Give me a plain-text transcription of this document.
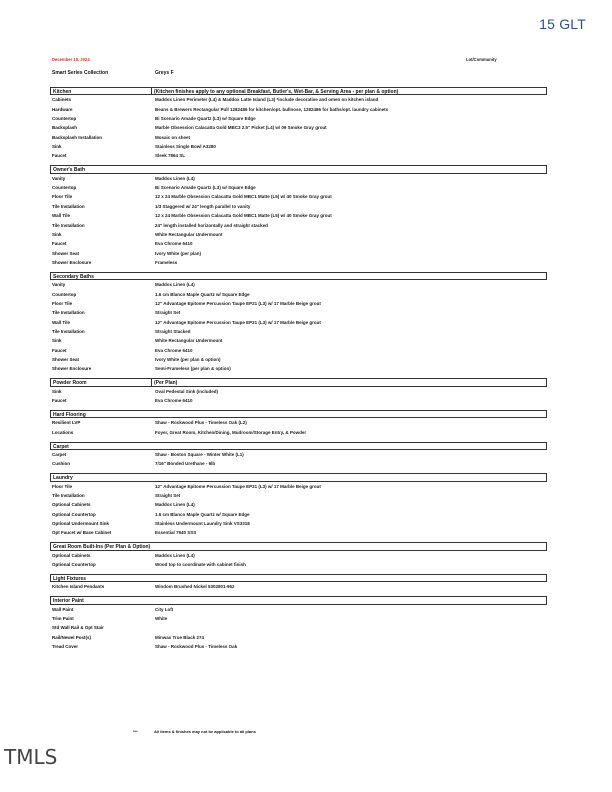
15 GLT
December 10, 2024	Lot/Community
Smart Series Collection	Greys F
Kitchen	(Kitchen finishes apply to any optional Breakfast, Butler's, Wet-Bar, & Serving Area - per plan & option)
Cabinets	Maddox Linen Perimeter (L4) & Maddox Latte Island (L3) *include decorative and omen on kitchen island
Hardware	Beans & Brewers Rectangular Pull 1282486 for kitchen/opt. bullnose, 1282486 for baths/opt. laundry cabinets
Countertop	Bi Scenario Amade Quartz (L3) w/ Square Edge
Backsplash	Marble Obsession Calacatta Gold MBC3 2.5" Picket (L4) w/ 09 Smoke Gray grout
Backsplash Installation	Mosaic on sheet
Sink	Stainless Single Bowl A3280
Faucet	Sleek 7864 SL
Owner's Bath
Vanity	Maddox Linen (L4)
Countertop	Bi Scenario Amade Quartz (L3) w/ Square Edge
Floor Tile	12 x 24 Marble Obsession Calacatta Gold MBC1 Matte (L5) w/ 40 Smoke Gray grout
Tile Installation	1/3 Staggered w/ 24" length parallel to vanity
Wall Tile	12 x 24 Marble Obsession Calacatta Gold MBC1 Matte (L5) w/ 40 Smoke Gray grout
Tile Installation	24" length installed horizontally and straight stacked
Sink	White Rectangular Undermount
Faucet	Eva Chrome 6410
Shower Seat	Ivory White (per plan)
Shower Enclosure	Frameless
Secondary Baths
Vanity	Maddox Linen (L4)
Countertop	1.6 cm Blanco Maple Quartz w/ Square Edge
Floor Tile	12" Advantage Epitome Percussion Taupe EP21 (L3) w/ 17 Marble Beige grout
Tile Installation	Straight Set
Wall Tile	12" Advantage Epitome Percussion Taupe EP21 (L3) w/ 17 Marble Beige grout
Tile Installation	Straight Stacked
Sink	White Rectangular Undermount
Faucet	Eva Chrome 6410
Shower Seat	Ivory White (per plan & option)
Shower Enclosure	Semi-Frameless (per plan & option)
Powder Room	(Per Plan)
Sink	Oval Pedestal Sink (included)
Faucet	Eva Chrome 6410
Hard Flooring
Resilient LVP	Shaw - Rockwood Plus - Timeless Oak (L2)
Locations	Foyer, Great Room, Kitchen/Dining, Mudroom/Storage Entry, & Powder
Carpet
Carpet	Shaw - Boston Square - Winter White (L1)
Cushion	7/16" Bonded Urethane - 6lb
Laundry
Floor Tile	12" Advantage Epitome Percussion Taupe EP21 (L3) w/ 17 Marble Beige grout
Tile Installation	Straight Set
Optional Cabinets	Maddox Linen (L4)
Optional Countertop	1.6 cm Blanco Maple Quartz w/ Square Edge
Optional Undermount Sink	Stainless Undermount Laundry Sink VS3318
Opt Faucet w/ Base Cabinet	Essential 7940 SSS
Great Room Built-Ins (Per Plan & Option)
Optional Cabinets	Maddox Linen (L4)
Optional Countertop	Wood top to coordinate with cabinet finish
Light Fixtures
Kitchen Island Pendants	Windom Brushed Nickel 5302801-962
Interior Paint
Wall Paint	City Loft
Trim Paint	White
Std Wall Rail & Opt Stair
Rail/Newel Post(s)	Minwax True Black 274
Tread Cover	Shaw - Rockwood Plus - Timeless Oak
***	All items & finishes may not be applicable to all plans
TMLS
